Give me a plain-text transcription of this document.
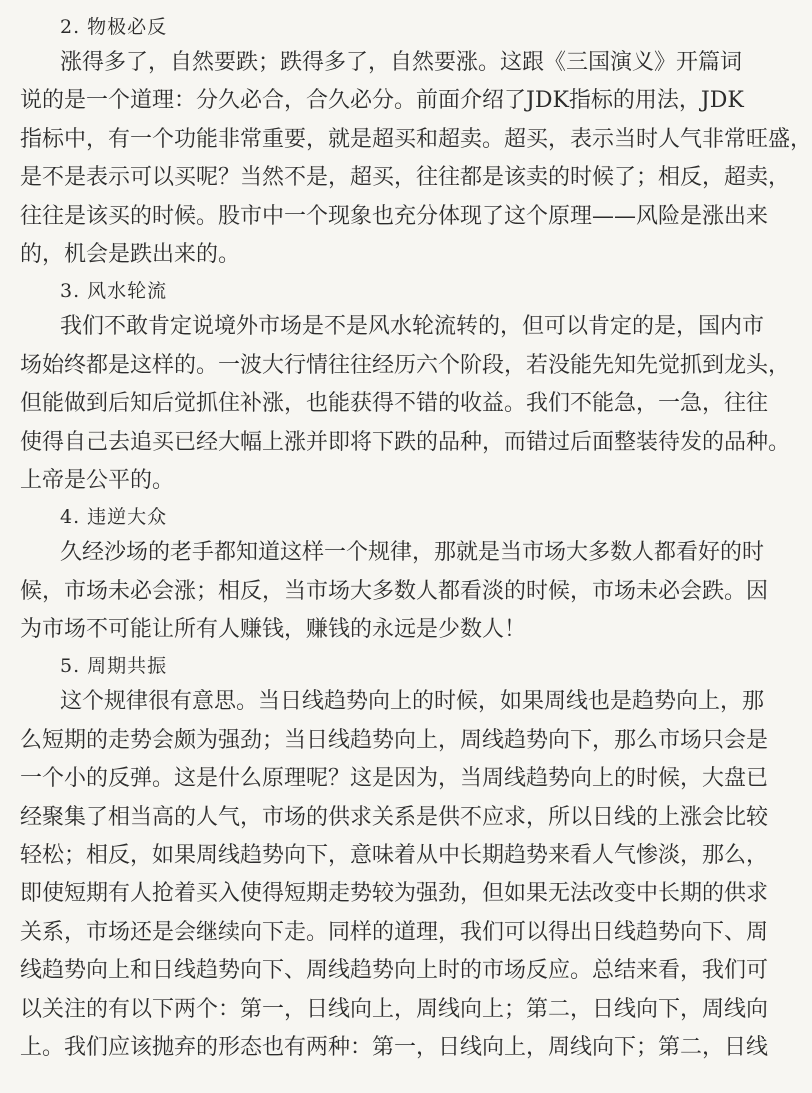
2. 物极必反

涨得多了，自然要跌；跌得多了，自然要涨。这跟《三国演义》开篇词
说的是一个道理：分久必合，合久必分。前面介绍了JDK指标的用法，JDK
指标中，有一个功能非常重要，就是超买和超卖。超买，表示当时人气非常旺盛，
是不是表示可以买呢？当然不是，超买，往往都是该卖的时候了；相反，超卖，
往往是该买的时候。股市中一个现象也充分体现了这个原理——风险是涨出来
的，机会是跌出来的。

3. 风水轮流

我们不敢肯定说境外市场是不是风水轮流转的，但可以肯定的是，国内市
场始终都是这样的。一波大行情往往经历六个阶段，若没能先知先觉抓到龙头，
但能做到后知后觉抓住补涨，也能获得不错的收益。我们不能急，一急，往往
使得自己去追买已经大幅上涨并即将下跌的品种，而错过后面整装待发的品种。
上帝是公平的。

4. 违逆大众

久经沙场的老手都知道这样一个规律，那就是当市场大多数人都看好的时
候，市场未必会涨；相反，当市场大多数人都看淡的时候，市场未必会跌。因
为市场不可能让所有人赚钱，赚钱的永远是少数人！

5. 周期共振

这个规律很有意思。当日线趋势向上的时候，如果周线也是趋势向上，那
么短期的走势会颇为强劲；当日线趋势向上，周线趋势向下，那么市场只会是
一个小的反弹。这是什么原理呢？这是因为，当周线趋势向上的时候，大盘已
经聚集了相当高的人气，市场的供求关系是供不应求，所以日线的上涨会比较
轻松；相反，如果周线趋势向下，意味着从中长期趋势来看人气惨淡，那么，
即使短期有人抢着买入使得短期走势较为强劲，但如果无法改变中长期的供求
关系，市场还是会继续向下走。同样的道理，我们可以得出日线趋势向下、周
线趋势向上和日线趋势向下、周线趋势向上时的市场反应。总结来看，我们可
以关注的有以下两个：第一，日线向上，周线向上；第二，日线向下，周线向
上。我们应该抛弃的形态也有两种：第一，日线向上，周线向下；第二，日线
